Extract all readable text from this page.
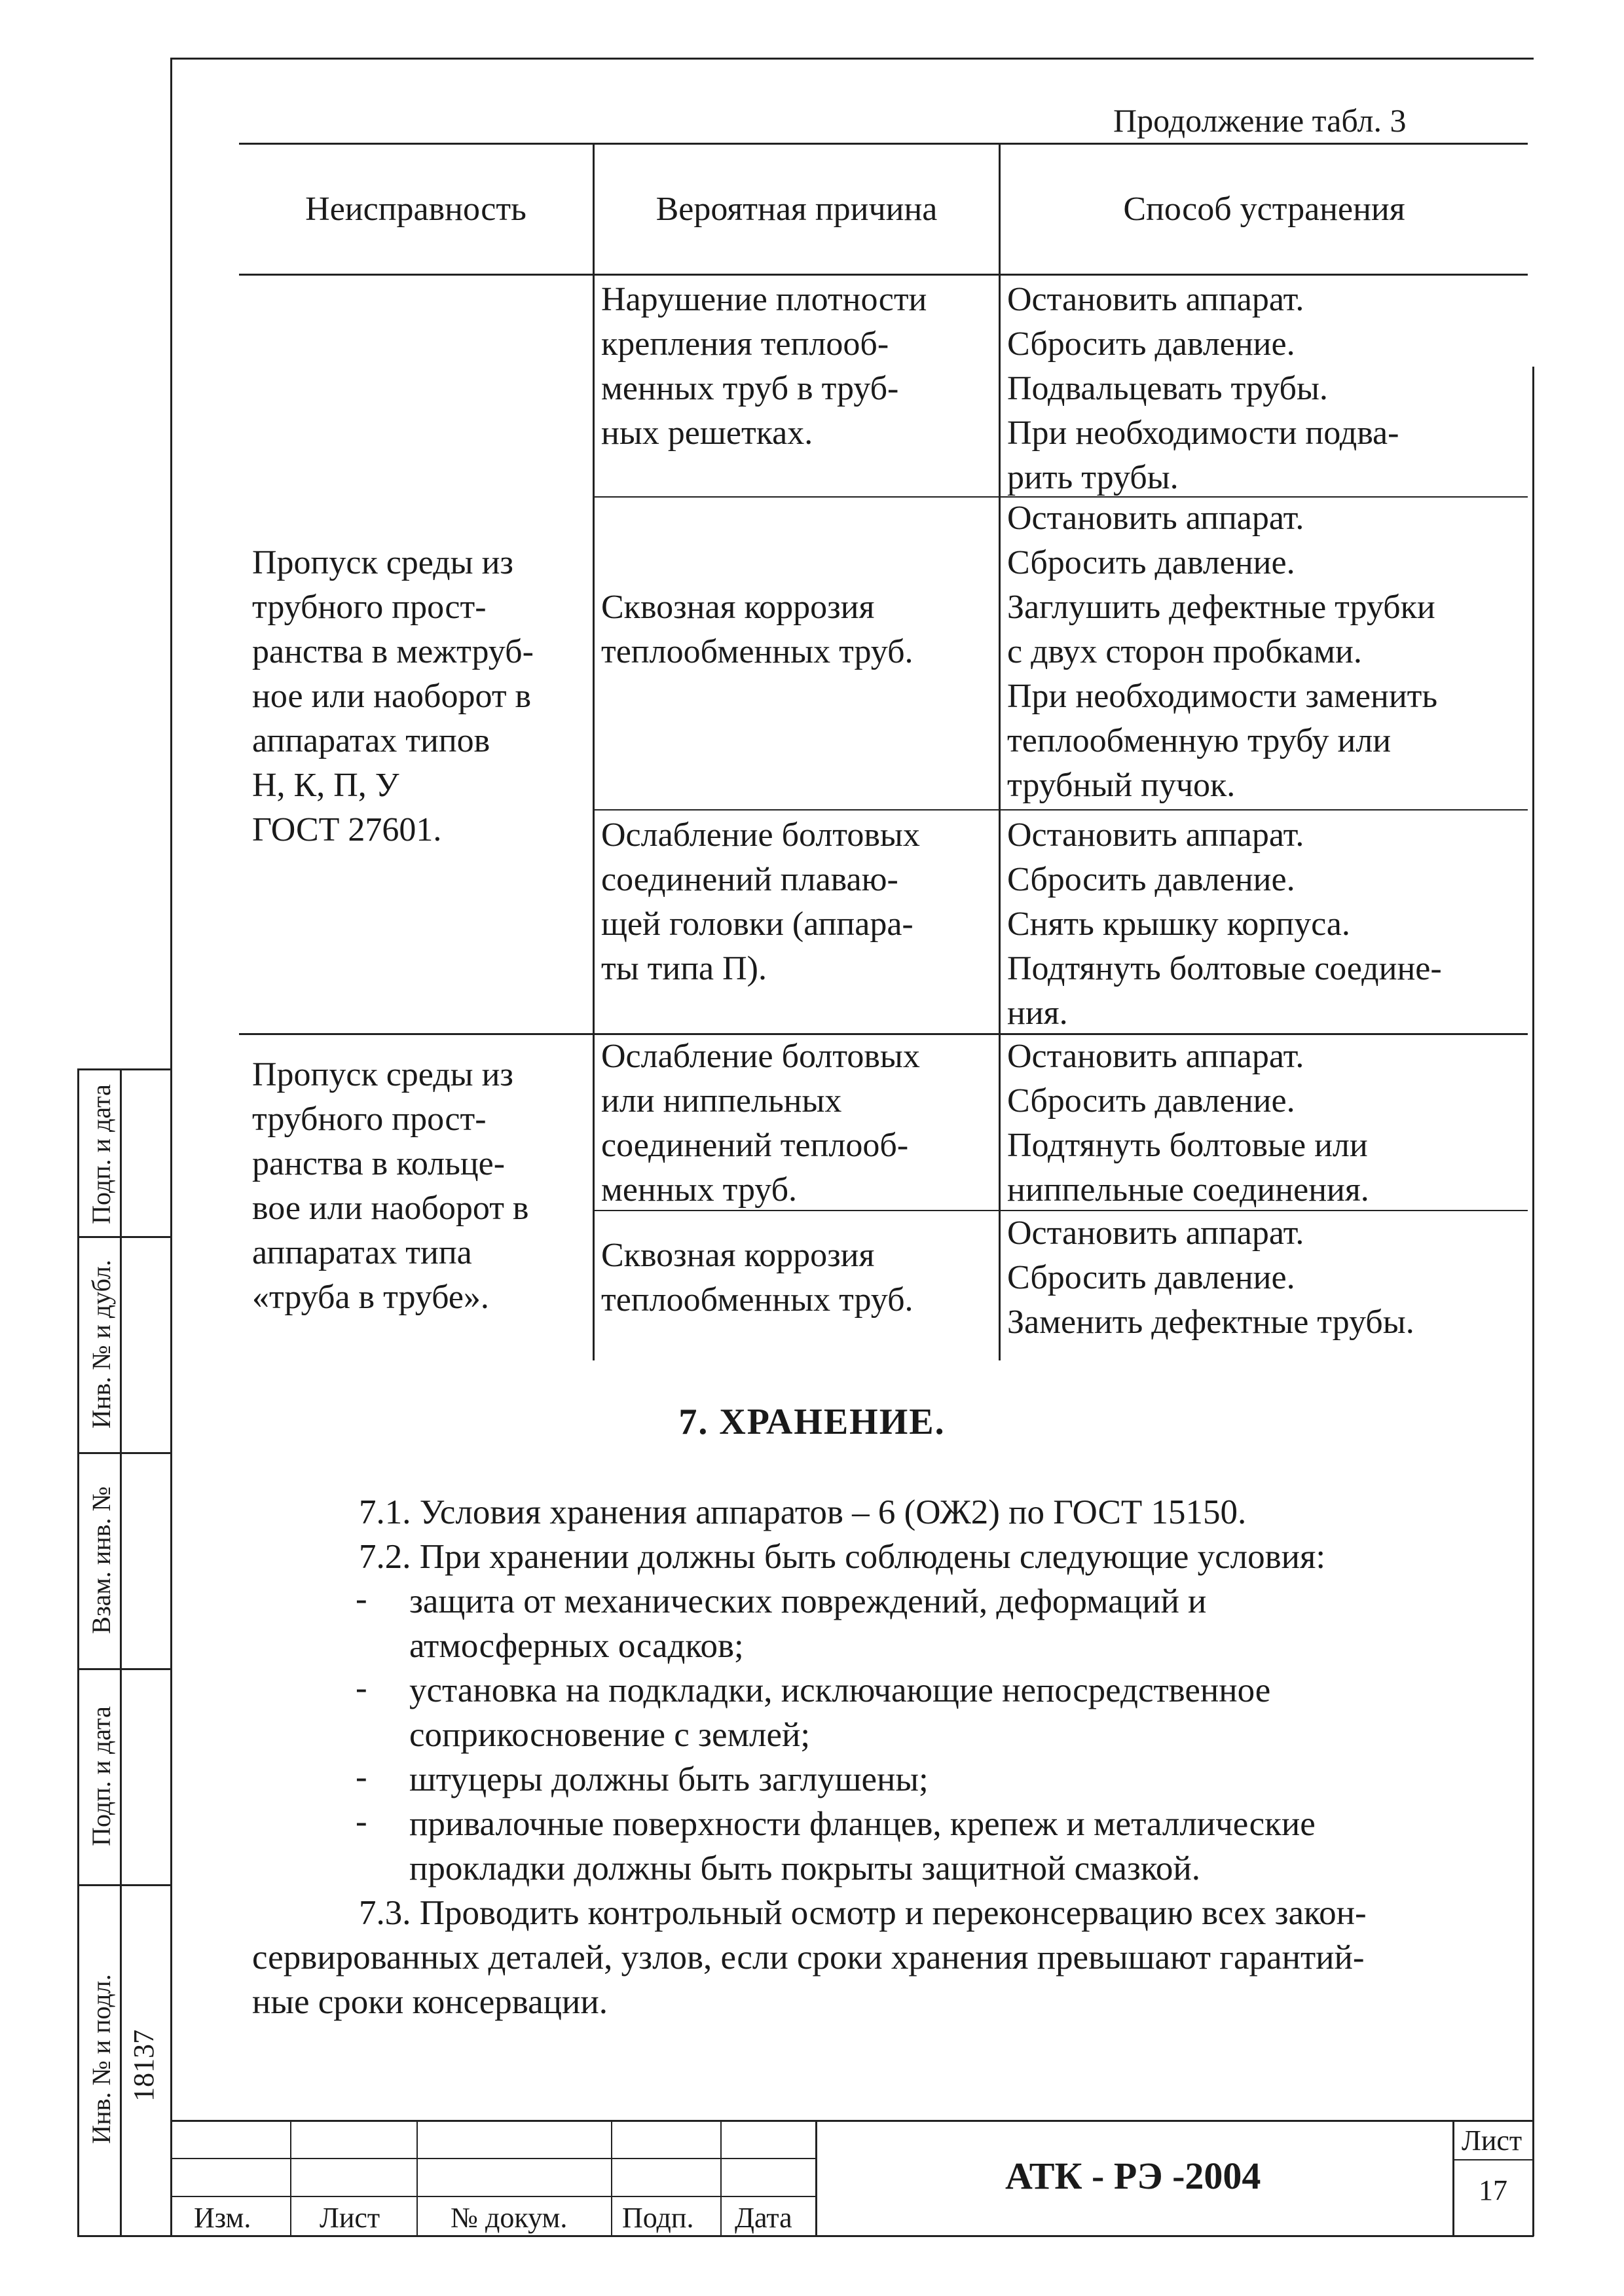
Продолжение табл. 3
Неисправность	Вероятная причина	Способ устранения
Пропуск среды из
трубного прост-
ранства в межтруб-
ное или наоборот в
аппаратах типов
Н, К, П, У
ГОСТ 27601.
Нарушение плотности
крепления теплооб-
менных труб в труб-
ных решетках.
Остановить аппарат.
Сбросить давление.
Подвальцевать трубы.
При необходимости подва-
рить трубы.
Сквозная коррозия
теплообменных труб.
Остановить аппарат.
Сбросить давление.
Заглушить дефектные трубки
с двух сторон пробками.
При необходимости заменить
теплообменную трубу или
трубный пучок.
Ослабление болтовых
соединений плаваю-
щей головки (аппара-
ты типа П).
Остановить аппарат.
Сбросить давление.
Снять крышку корпуса.
Подтянуть болтовые соедине-
ния.
Пропуск среды из
трубного прост-
ранства в кольце-
вое или наоборот в
аппаратах типа
«труба в трубе».
Ослабление болтовых
или ниппельных
соединений теплооб-
менных труб.
Остановить аппарат.
Сбросить давление.
Подтянуть болтовые или
ниппельные соединения.
Сквозная коррозия
теплообменных труб.
Остановить аппарат.
Сбросить давление.
Заменить дефектные трубы.
7. ХРАНЕНИЕ.
7.1. Условия хранения аппаратов – 6 (ОЖ2) по ГОСТ 15150.
7.2. При хранении должны быть соблюдены следующие условия:
- защита от механических повреждений, деформаций и
атмосферных осадков;
- установка на подкладки, исключающие непосредственное
соприкосновение с землей;
- штуцеры должны быть заглушены;
- привалочные поверхности фланцев, крепеж и металлические
прокладки должны быть покрыты защитной смазкой.
7.3. Проводить контрольный осмотр и переконсервацию всех закон-
сервированных деталей, узлов, если сроки хранения превышают гарантий-
ные сроки консервации.
Подп. и дата
Инв. № и дубл.
Взам. инв. №
Подп. и дата
Инв. № и подл. 18137
Изм. Лист № докум. Подп. Дата
АТК - РЭ -2004
Лист
17
